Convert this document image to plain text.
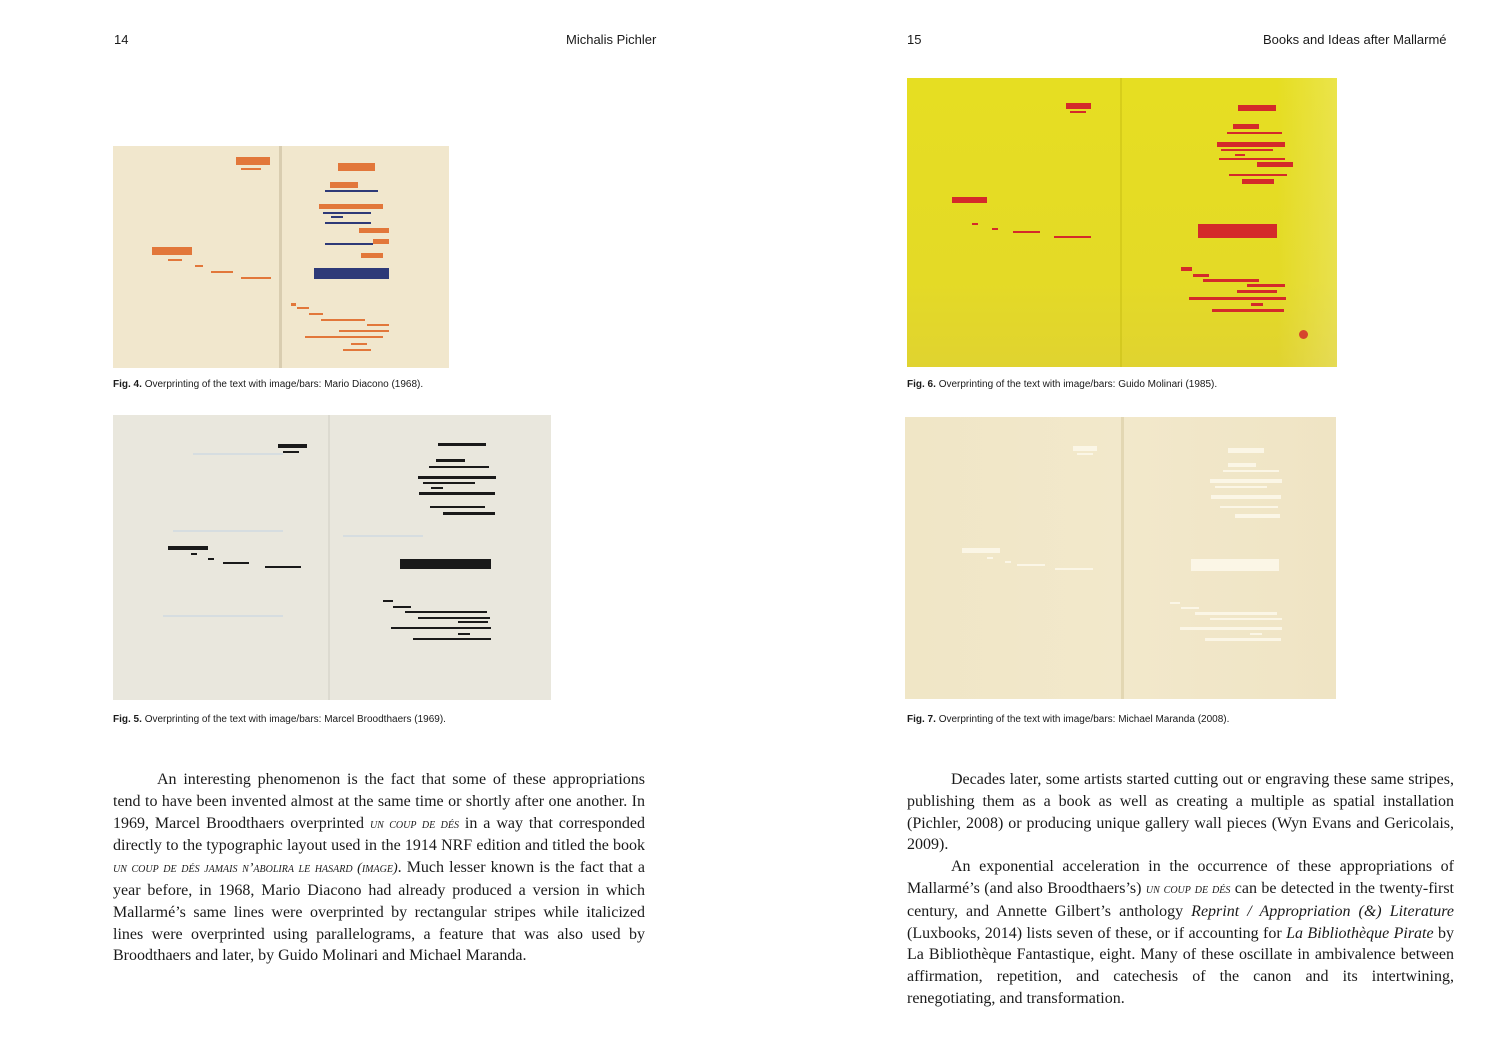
14	Michalis Pichler	15	Books and Ideas after Mallarmé
Fig. 4. Overprinting of the text with image/bars: Mario Diacono (1968).
Fig. 5. Overprinting of the text with image/bars: Marcel Broodthaers (1969).
Fig. 6. Overprinting of the text with image/bars: Guido Molinari (1985).
Fig. 7. Overprinting of the text with image/bars: Michael Maranda (2008).

An interesting phenomenon is the fact that some of these appropriations tend to have been invented almost at the same time or shortly after one another. In 1969, Marcel Broodthaers overprinted un coup de dés in a way that corresponded directly to the typographic layout used in the 1914 NRF edition and titled the book un coup de dés jamais n’abolira le hasard (image). Much lesser known is the fact that a year before, in 1968, Mario Diacono had already produced a version in which Mallarmé’s same lines were overprinted by rectangular stripes while italicized lines were overprinted using parallelograms, a feature that was also used by Broodthaers and later, by Guido Molinari and Michael Maranda.

Decades later, some artists started cutting out or engraving these same stripes, publishing them as a book as well as creating a multiple as spatial installation (Pichler, 2008) or producing unique gallery wall pieces (Wyn Evans and Gericolais, 2009).

An exponential acceleration in the occurrence of these appropriations of Mallarmé’s (and also Broodthaers’s) un coup de dés can be detected in the twenty-first century, and Annette Gilbert’s anthology Reprint / Appropriation (&) Literature (Luxbooks, 2014) lists seven of these, or if accounting for La Bibliothèque Pirate by La Bibliothèque Fantastique, eight. Many of these oscillate in ambivalence between affirmation, repetition, and catechesis of the canon and its intertwining, renegotiating, and transformation.
